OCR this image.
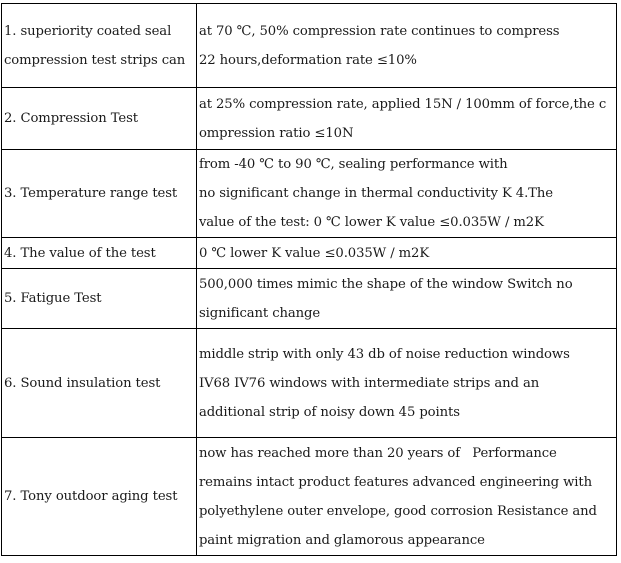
1. superiority coated seal
compression test strips can	at 70 ℃, 50% compression rate continues to compress
22 hours,deformation rate ≤10%

2. Compression Test	at 25% compression rate, applied 15N / 100mm of force,the c
ompression ratio ≤10N

3. Temperature range test	from -40 ℃ to 90 ℃, sealing performance with
no significant change in thermal conductivity K 4.The
value of the test: 0 ℃ lower K value ≤0.035W / m2K

4. The value of the test	0 ℃ lower K value ≤0.035W / m2K

5. Fatigue Test	500,000 times mimic the shape of the window Switch no
significant change

6. Sound insulation test	middle strip with only 43 db of noise reduction windows
IV68 IV76 windows with intermediate strips and an
additional strip of noisy down 45 points

7. Tony outdoor aging test	now has reached more than 20 years of   Performance
remains intact product features advanced engineering with
polyethylene outer envelope, good corrosion Resistance and
paint migration and glamorous appearance
